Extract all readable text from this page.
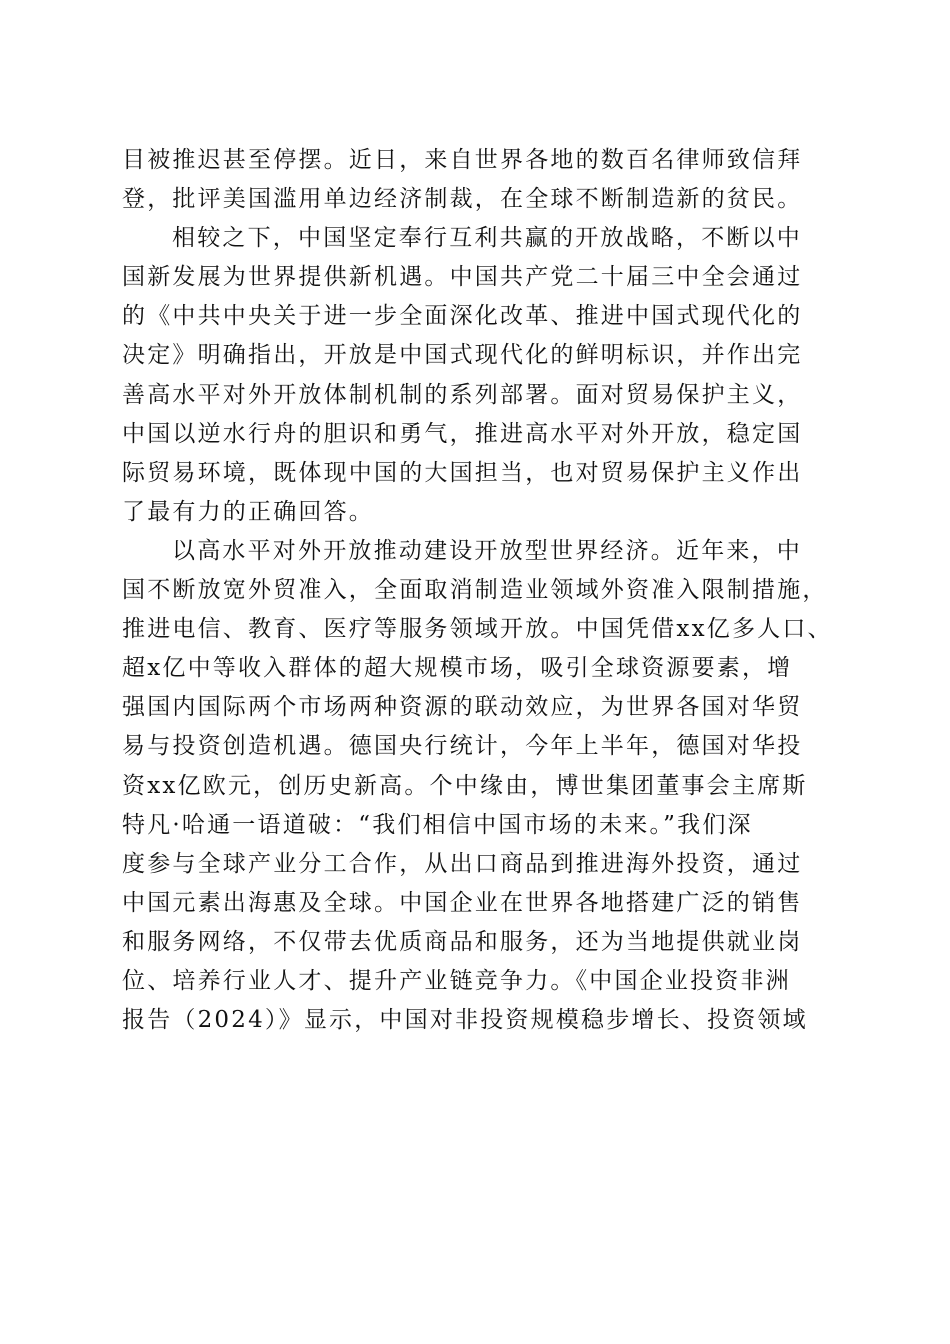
目被推迟甚至停摆。近日，来自世界各地的数百名律师致信拜
登，批评美国滥用单边经济制裁，在全球不断制造新的贫民。
相较之下，中国坚定奉行互利共赢的开放战略，不断以中
国新发展为世界提供新机遇。中国共产党二十届三中全会通过
的《中共中央关于进一步全面深化改革、推进中国式现代化的
决定》明确指出，开放是中国式现代化的鲜明标识，并作出完
善高水平对外开放体制机制的系列部署。面对贸易保护主义，
中国以逆水行舟的胆识和勇气，推进高水平对外开放，稳定国
际贸易环境，既体现中国的大国担当，也对贸易保护主义作出
了最有力的正确回答。
以高水平对外开放推动建设开放型世界经济。近年来，中
国不断放宽外贸准入，全面取消制造业领域外资准入限制措施，
推进电信、教育、医疗等服务领域开放。中国凭借xx亿多人口、
超x亿中等收入群体的超大规模市场，吸引全球资源要素，增
强国内国际两个市场两种资源的联动效应，为世界各国对华贸
易与投资创造机遇。德国央行统计，今年上半年，德国对华投
资xx亿欧元，创历史新高。个中缘由，博世集团董事会主席斯
特凡·哈通一语道破：“我们相信中国市场的未来。”我们深
度参与全球产业分工合作，从出口商品到推进海外投资，通过
中国元素出海惠及全球。中国企业在世界各地搭建广泛的销售
和服务网络，不仅带去优质商品和服务，还为当地提供就业岗
位、培养行业人才、提升产业链竞争力。《中国企业投资非洲
报告（2024）》显示，中国对非投资规模稳步增长、投资领域
